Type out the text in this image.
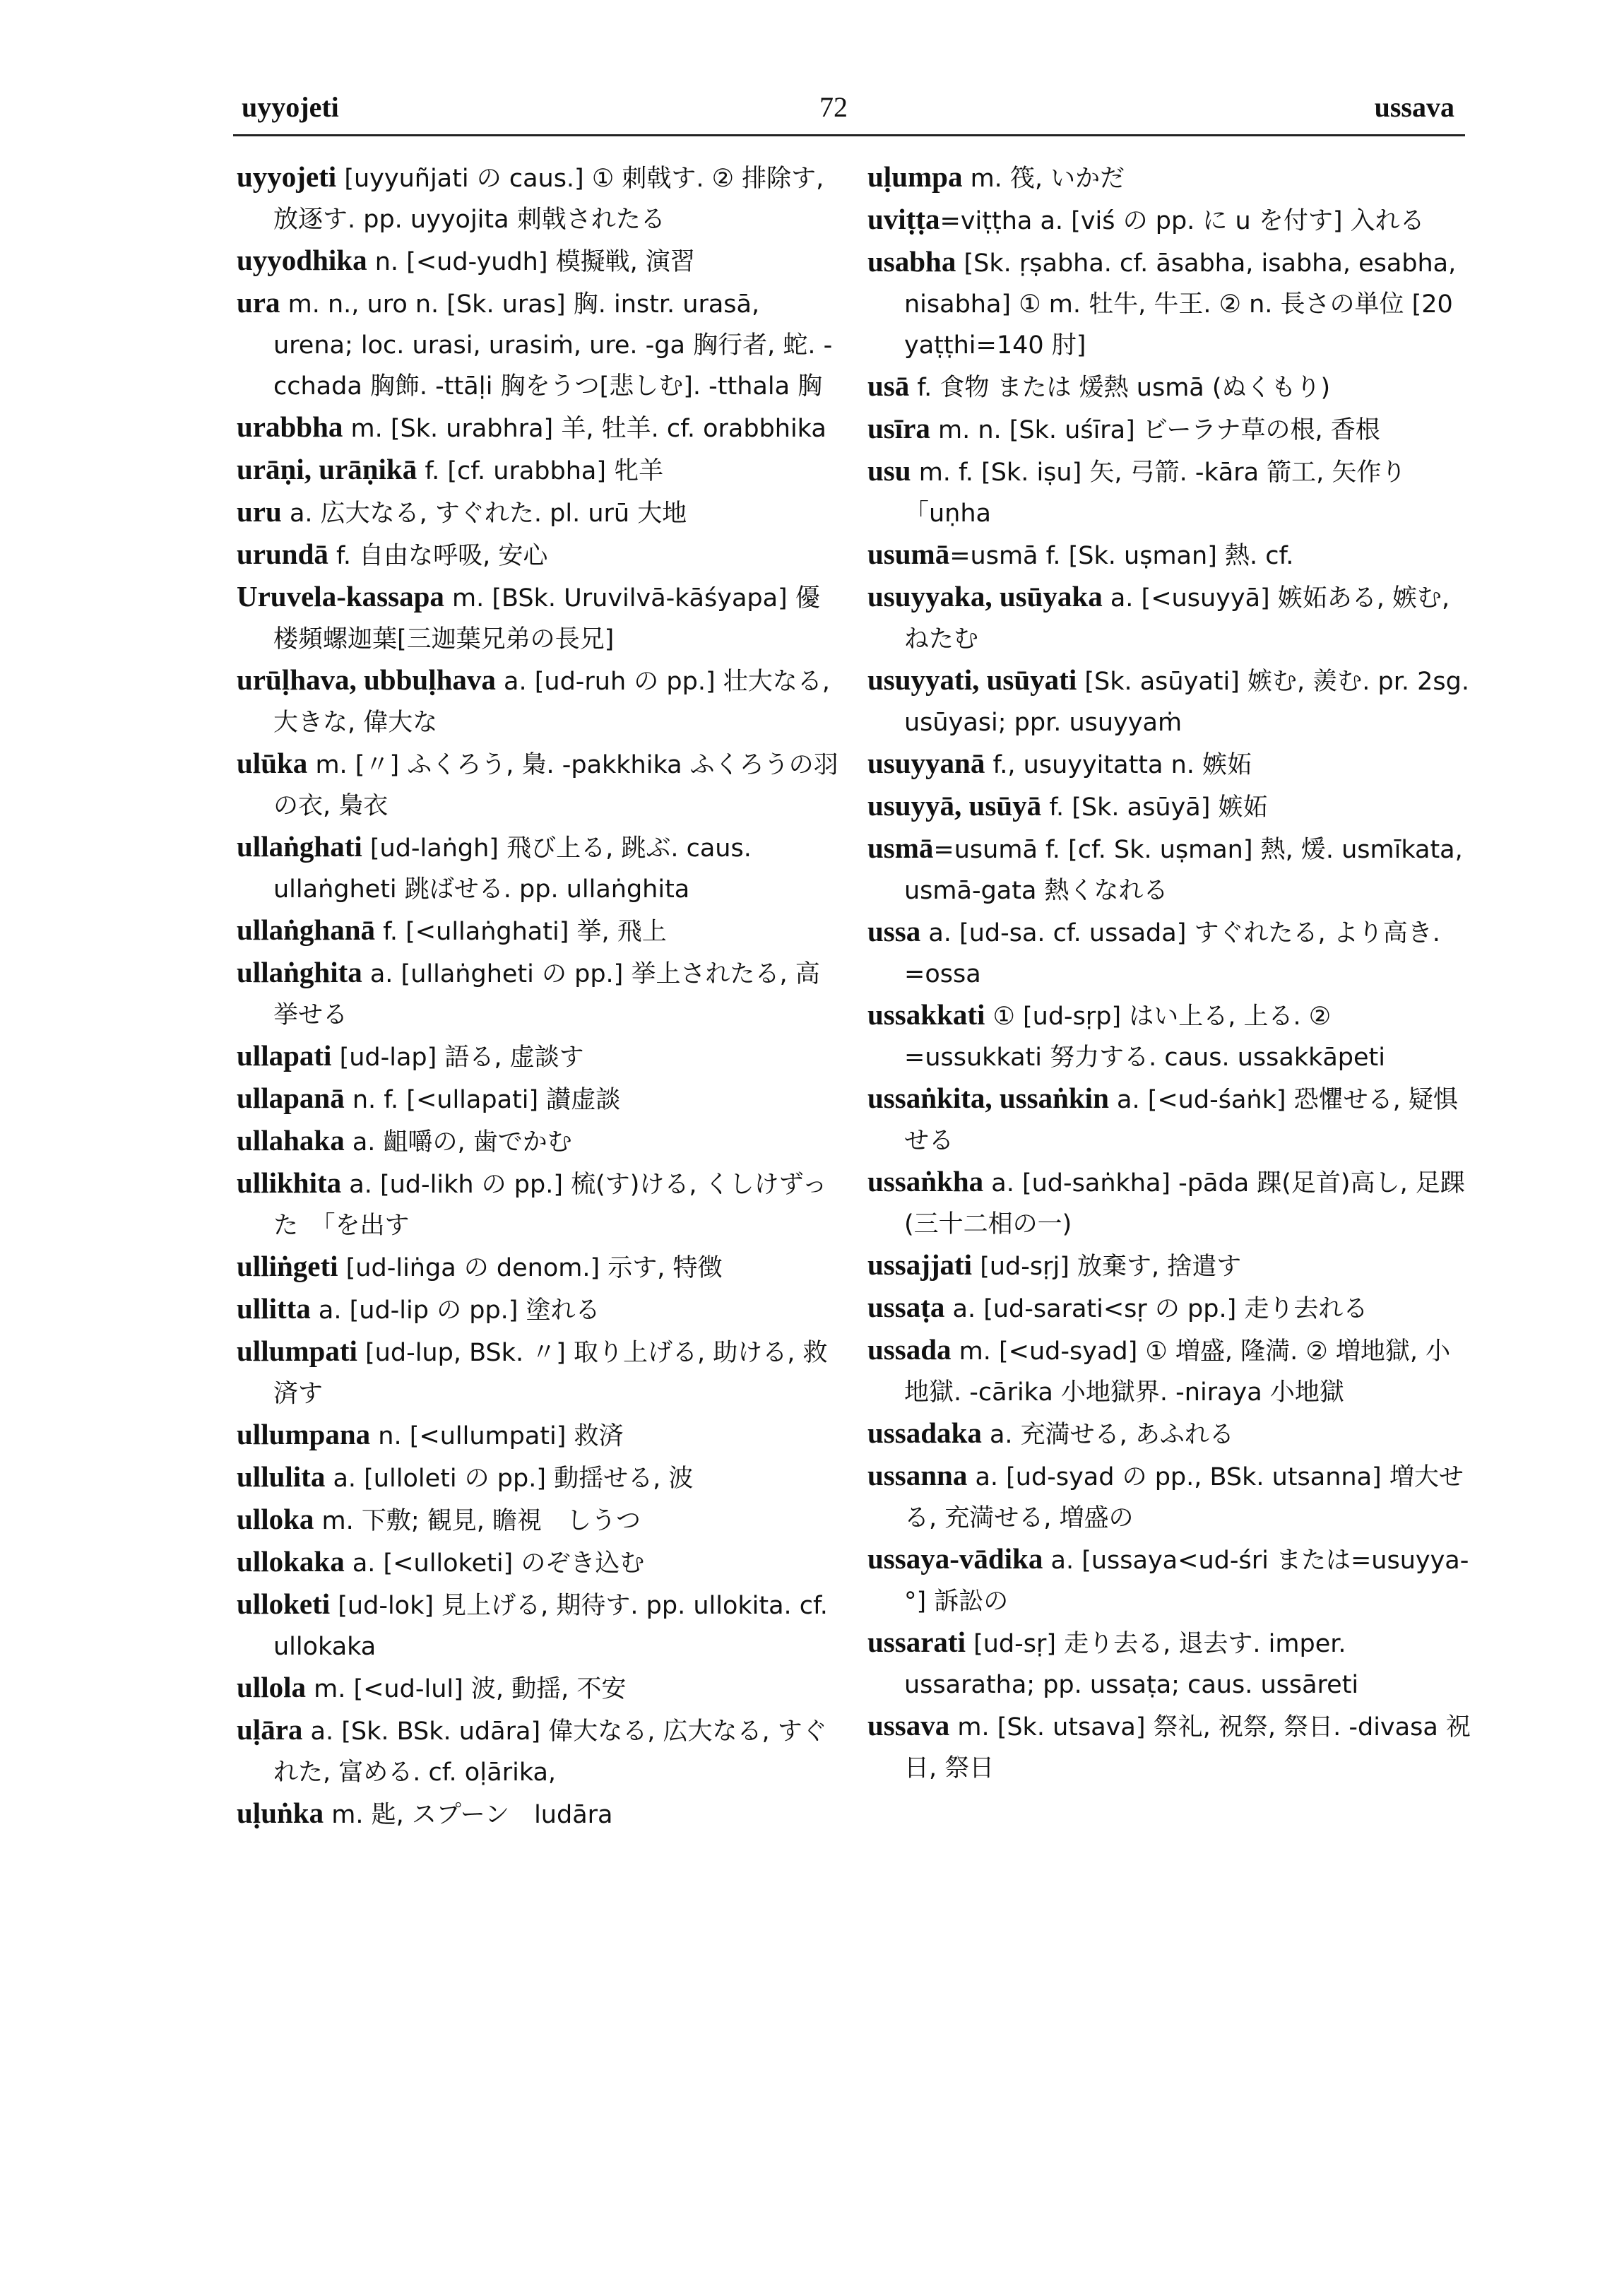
uyyojeti	72	ussava
uyyojeti [uyyuñjati の caus.] ① 刺戟す. ② 排除す, 放逐す. pp. uyyojita 刺戟されたる
uyyodhika n. [<ud-yudh] 模擬戦, 演習
ura m. n., uro n. [Sk. uras] 胸. instr. urasā, urena; loc. urasi, urasiṁ, ure. -ga 胸行者, 蛇. -cchada 胸飾. -ttāḷi 胸をうつ[悲しむ]. -tthala 胸
urabbha m. [Sk. urabhra] 羊, 牡羊. cf. orabbhika
urāṇi, urāṇikā f. [cf. urabbha] 牝羊
uru a. 広大なる, すぐれた. pl. urū 大地
urundā f. 自由な呼吸, 安心
Uruvela-kassapa m. [BSk. Uruvilvā-kāśyapa] 優楼頻螺迦葉[三迦葉兄弟の長兄]
urūḷhava, ubbuḷhava a. [ud-ruh の pp.] 壮大なる, 大きな, 偉大な
ulūka m. [〃] ふくろう, 梟. -pakkhika ふくろうの羽の衣, 梟衣
ullaṅghati [ud-laṅgh] 飛び上る, 跳ぶ. caus. ullaṅgheti 跳ばせる. pp. ullaṅghita
ullaṅghanā f. [<ullaṅghati] 挙, 飛上
ullaṅghita a. [ullaṅgheti の pp.] 挙上されたる, 高挙せる
ullapati [ud-lap] 語る, 虚談す
ullapanā n. f. [<ullapati] 讃虚談
ullahaka a. 齟嚼の, 歯でかむ
ullikhita a. [ud-likh の pp.] 梳(す)ける, くしけずった　「を出す
ulliṅgeti [ud-liṅga の denom.] 示す, 特徴
ullitta a. [ud-lip の pp.] 塗れる
ullumpati [ud-lup, BSk. 〃] 取り上げる, 助ける, 救済す
ullumpana n. [<ullumpati] 救済
ullulita a. [ulloleti の pp.] 動揺せる, 波
ulloka m. 下敷; 観見, 瞻視　しうつ
ullokaka a. [<ulloketi] のぞき込む
ulloketi [ud-lok] 見上げる, 期待す. pp. ullokita. cf. ullokaka
ullola m. [<ud-lul] 波, 動揺, 不安
uḷāra a. [Sk. BSk. udāra] 偉大なる, 広大なる, すぐれた, 富める. cf. oḷārika,
uḷuṅka m. 匙, スプーン　ludāra
uḷumpa m. 筏, いかだ
uviṭṭa=viṭṭha a. [viś の pp. に u を付す] 入れる
usabha [Sk. ṛṣabha. cf. āsabha, isabha, esabha, nisabha] ① m. 牡牛, 牛王. ② n. 長さの単位 [20 yaṭṭhi=140 肘]
usā f. 食物 または 煖熱 usmā (ぬくもり)
usīra m. n. [Sk. uśīra] ビーラナ草の根, 香根
usu m. f. [Sk. iṣu] 矢, 弓箭. -kāra 箭工, 矢作り　「uṇha
usumā=usmā f. [Sk. uṣman] 熱. cf.
usuyyaka, usūyaka a. [<usuyyā] 嫉妬ある, 嫉む, ねたむ
usuyyati, usūyati [Sk. asūyati] 嫉む, 羨む. pr. 2sg. usūyasi; ppr. usuyyaṁ
usuyyanā f., usuyyitatta n. 嫉妬
usuyyā, usūyā f. [Sk. asūyā] 嫉妬
usmā=usumā f. [cf. Sk. uṣman] 熱, 煖. usmīkata, usmā-gata 熱くなれる
ussa a. [ud-sa. cf. ussada] すぐれたる, より高き. =ossa
ussakkati ① [ud-sṛp] はい上る, 上る. ② =ussukkati 努力する. caus. ussakkāpeti
ussaṅkita, ussaṅkin a. [<ud-śaṅk] 恐懼せる, 疑惧せる
ussaṅkha a. [ud-saṅkha] -pāda 踝(足首)高し, 足踝(三十二相の一)
ussajjati [ud-sṛj] 放棄す, 捨遣す
ussaṭa a. [ud-sarati<sṛ の pp.] 走り去れる
ussada m. [<ud-syad] ① 増盛, 隆満. ② 増地獄, 小地獄. -cārika 小地獄界. -niraya 小地獄
ussadaka a. 充満せる, あふれる
ussanna a. [ud-syad の pp., BSk. utsanna] 増大せる, 充満せる, 増盛の
ussaya-vādika a. [ussaya<ud-śri または=usuyya-°] 訴訟の
ussarati [ud-sṛ] 走り去る, 退去す. imper. ussaratha; pp. ussaṭa; caus. ussāreti
ussava m. [Sk. utsava] 祭礼, 祝祭, 祭日. -divasa 祝日, 祭日
